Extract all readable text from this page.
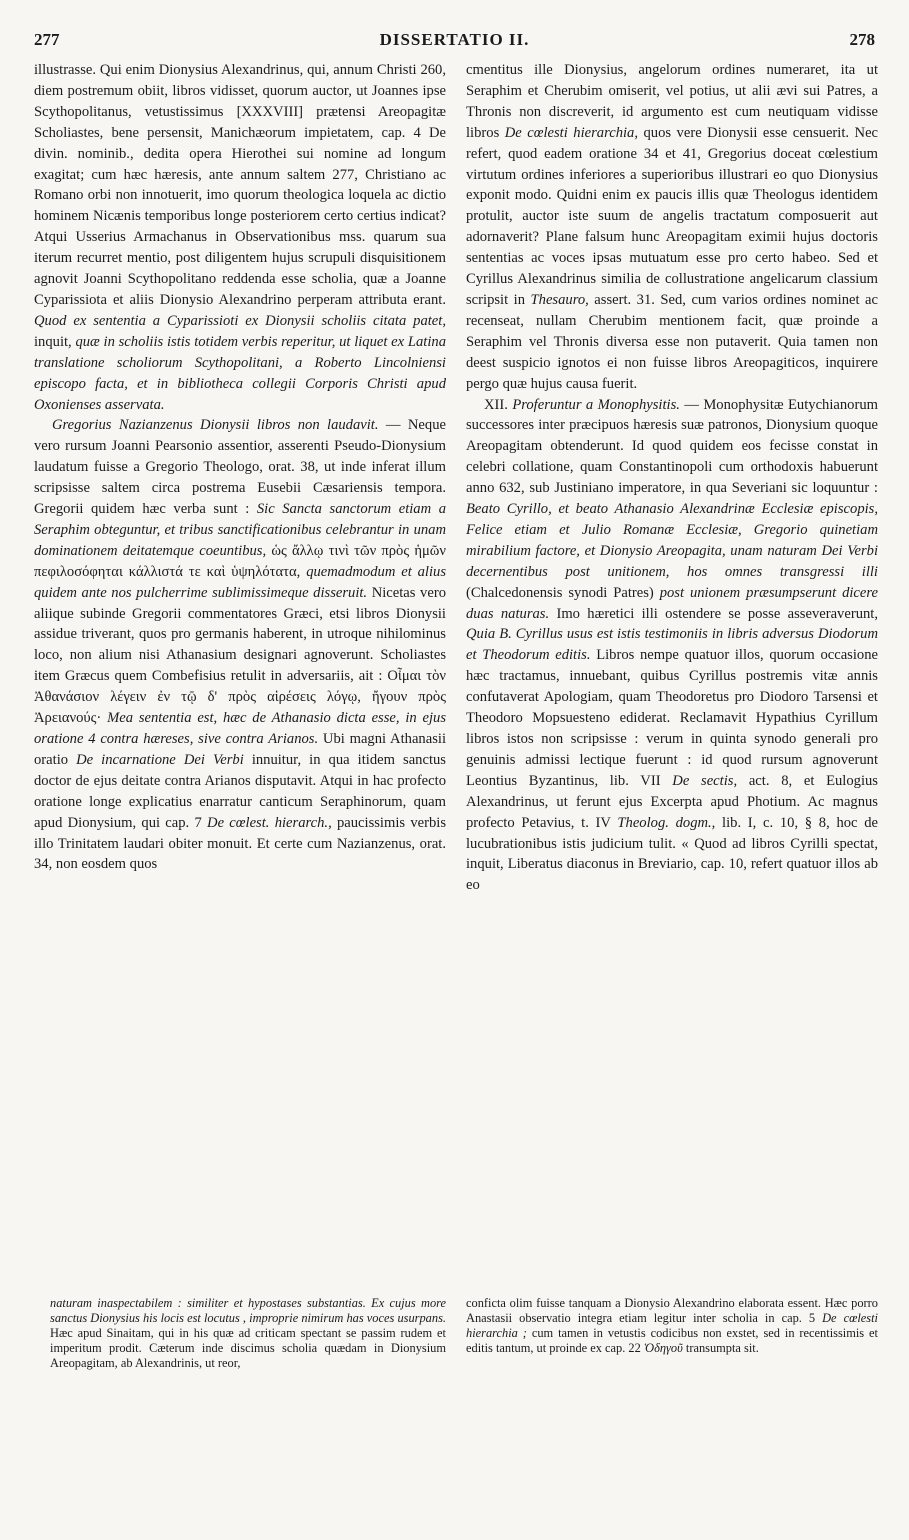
277	DISSERTATIO II.	278

illustrasse. Qui enim Dionysius Alexandrinus, qui, annum Christi 260, diem postremum obiit, libros vidisset, quorum auctor, ut Joannes ipse Scythopolitanus, vetustissimus [XXXVIII] prætensi Areopagitæ Scholiastes, bene persensit, Manichæorum impietatem, cap. 4 De divin. nominib., dedita opera Hierothei sui nomine ad longum exagitat; cum hæc hæresis, ante annum saltem 277, Christiano ac Romano orbi non innotuerit, imo quorum theologica loquela ac dictio hominem Nicænis temporibus longe posteriorem certo certius indicat? Atqui Usserius Armachanus in Observationibus mss. quarum sua iterum recurret mentio, post diligentem hujus scrupuli disquisitionem agnovit Joanni Scythopolitano reddenda esse scholia, quæ a Joanne Cyparissiota et aliis Dionysio Alexandrino perperam attributa erant. Quod ex sententia a Cyparissioti ex Dionysii scholiis citata patet, inquit, quæ in scholiis istis totidem verbis reperitur, ut liquet ex Latina translatione scholiorum Scythopolitani, a Roberto Lincolniensi episcopo facta, et in bibliotheca collegii Corporis Christi apud Oxonienses asservata.

Gregorius Nazianzenus Dionysii libros non laudavit. — Neque vero rursum Joanni Pearsonio assentior, asserenti Pseudo-Dionysium laudatum fuisse a Gregorio Theologo, orat. 38, ut inde inferat illum scripsisse saltem circa postrema Eusebii Cæsariensis tempora. Gregorii quidem hæc verba sunt : Sic Sancta sanctorum etiam a Seraphim obteguntur, et tribus sanctificationibus celebrantur in unam dominationem deitatemque coeuntibus, ὡς ἄλλῳ τινὶ τῶν πρὸς ἡμῶν πεφιλοσόφηται κάλλιστά τε καὶ ὑψηλότατα, quemadmodum et alius quidem ante nos pulcherrime sublimissimeque disseruit. Nicetas vero aliique subinde Gregorii commentatores Græci, etsi libros Dionysii assidue triverant, quos pro germanis haberent, in utroque nihilominus loco, non alium nisi Athanasium designari agnoverunt. Scholiastes item Græcus quem Combefisius retulit in adversariis, ait : Οἶμαι τὸν Ἀθανάσιον λέγειν ἐν τῷ δ' πρὸς αἱρέσεις λόγῳ, ἤγουν πρὸς Ἀρειανούς· Mea sententia est, hæc de Athanasio dicta esse, in ejus oratione 4 contra hæreses, sive contra Arianos. Ubi magni Athanasii oratio De incarnatione Dei Verbi innuitur, in qua itidem sanctus doctor de ejus deitate contra Arianos disputavit. Atqui in hac profecto oratione longe explicatius enarratur canticum Seraphinorum, quam apud Dionysium, qui cap. 7 De cœlest. hierarch., paucissimis verbis illo Trinitatem laudari obiter monuit. Et certe cum Nazianzenus, orat. 34, non eosdem quos

cmentitus ille Dionysius, angelorum ordines numeraret, ita ut Seraphim et Cherubim omiserit, vel potius, ut alii ævi sui Patres, a Thronis non discreverit, id argumento est cum neutiquam vidisse libros De cœlesti hierarchia, quos vere Dionysii esse censuerit. Nec refert, quod eadem oratione 34 et 41, Gregorius doceat cœlestium virtutum ordines inferiores a superioribus illustrari eo quo Dionysius exponit modo. Quidni enim ex paucis illis quæ Theologus identidem protulit, auctor iste suum de angelis tractatum composuerit aut adornaverit? Plane falsum hunc Areopagitam eximii hujus doctoris sententias ac voces ipsas mutuatum esse pro certo habeo. Sed et Cyrillus Alexandrinus similia de collustratione angelicarum classium scripsit in Thesauro, assert. 31. Sed, cum varios ordines nominet ac recenseat, nullam Cherubim mentionem facit, quæ proinde a Seraphim vel Thronis diversa esse non putaverit. Quia tamen non deest suspicio ignotos ei non fuisse libros Areopagiticos, inquirere pergo quæ hujus causa fuerit.

XII. Proferuntur a Monophysitis. — Monophysitæ Eutychianorum successores inter præcipuos hæresis suæ patronos, Dionysium quoque Areopagitam obtenderunt. Id quod quidem eos fecisse constat in celebri collatione, quam Constantinopoli cum orthodoxis habuerunt anno 632, sub Justiniano imperatore, in qua Severiani sic loquuntur : Beato Cyrillo, et beato Athanasio Alexandrinæ Ecclesiæ episcopis, Felice etiam et Julio Romanæ Ecclesiæ, Gregorio quinetiam mirabilium factore, et Dionysio Areopagita, unam naturam Dei Verbi decernentibus post unitionem, hos omnes transgressi illi (Chalcedonensis synodi Patres) post unionem præsumpserunt dicere duas naturas. Imo hæretici illi ostendere se posse asseveraverunt, Quia B. Cyrillus usus est istis testimoniis in libris adversus Diodorum et Theodorum editis. Libros nempe quatuor illos, quorum occasione hæc tractamus, innuebant, quibus Cyrillus postremis vitæ annis confutaverat Apologiam, quam Theodoretus pro Diodoro Tarsensi et Theodoro Mopsuesteno ediderat. Reclamavit Hypathius Cyrillum libros istos non scripsisse : verum in quinta synodo generali pro genuinis admissi lectique fuerunt : id quod rursum agnoverunt Leontius Byzantinus, lib. VII De sectis, act. 8, et Eulogius Alexandrinus, ut ferunt ejus Excerpta apud Photium. Ac magnus profecto Petavius, t. IV Theolog. dogm., lib. I, c. 10, § 8, hoc de lucubrationibus istis judicium tulit. « Quod ad libros Cyrilli spectat, inquit, Liberatus diaconus in Breviario, cap. 10, refert quatuor illos ab eo

naturam inaspectabilem : similiter et hypostases substantias. Ex cujus more sanctus Dionysius his locis est locutus , improprie nimirum has voces usurpans. Hæc apud Sinaitam, qui in his quæ ad criticam spectant se passim rudem et imperitum prodit. Cæterum inde discimus scholia quædam in Dionysium Areopagitam, ab Alexandrinis, ut reor,

conficta olim fuisse tanquam a Dionysio Alexandrino elaborata essent. Hæc porro Anastasii observatio integra etiam legitur inter scholia in cap. 5 De cœlesti hierarchia ; cum tamen in vetustis codicibus non exstet, sed in recentissimis et editis tantum, ut proinde ex cap. 22 Ὁδηγοῦ transumpta sit.
